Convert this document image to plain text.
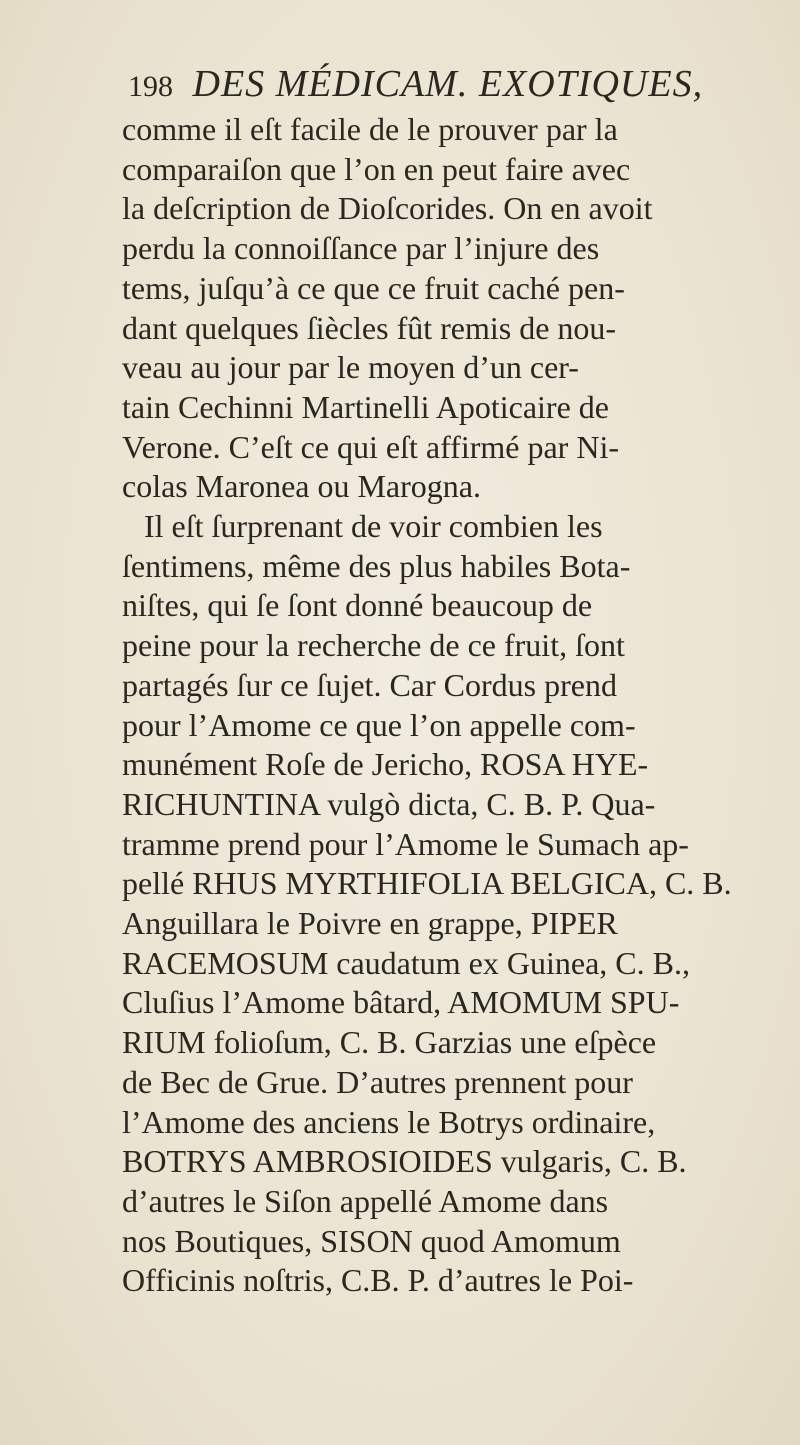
198 DES MÉDICAM. EXOTIQUES,
comme il eſt facile de le prouver par la
comparaiſon que l’on en peut faire avec
la deſcription de Dioſcorides. On en avoit
perdu la connoiſſance par l’injure des
tems, juſqu’à ce que ce fruit caché pen-
dant quelques ſiècles fût remis de nou-
veau au jour par le moyen d’un cer-
tain Cechinni Martinelli Apoticaire de
Verone. C’eſt ce qui eſt affirmé par Ni-
colas Maronea ou Marogna.
Il eſt ſurprenant de voir combien les
ſentimens, même des plus habiles Bota-
niſtes, qui ſe ſont donné beaucoup de
peine pour la recherche de ce fruit, ſont
partagés ſur ce ſujet. Car Cordus prend
pour l’Amome ce que l’on appelle com-
munément Roſe de Jericho, ROSA HYE-
RICHUNTINA vulgò dicta, C. B. P. Qua-
tramme prend pour l’Amome le Sumach ap-
pellé RHUS MYRTHIFOLIA BELGICA, C. B.
Anguillara le Poivre en grappe, PIPER
RACEMOSUM caudatum ex Guinea, C. B.,
Cluſius l’Amome bâtard, AMOMUM SPU-
RIUM folioſum, C. B. Garzias une eſpèce
de Bec de Grue. D’autres prennent pour
l’Amome des anciens le Botrys ordinaire,
BOTRYS AMBROSIOIDES vulgaris, C. B.
d’autres le Siſon appellé Amome dans
nos Boutiques, SISON quod Amomum
Officinis noſtris, C.B. P. d’autres le Poi-
